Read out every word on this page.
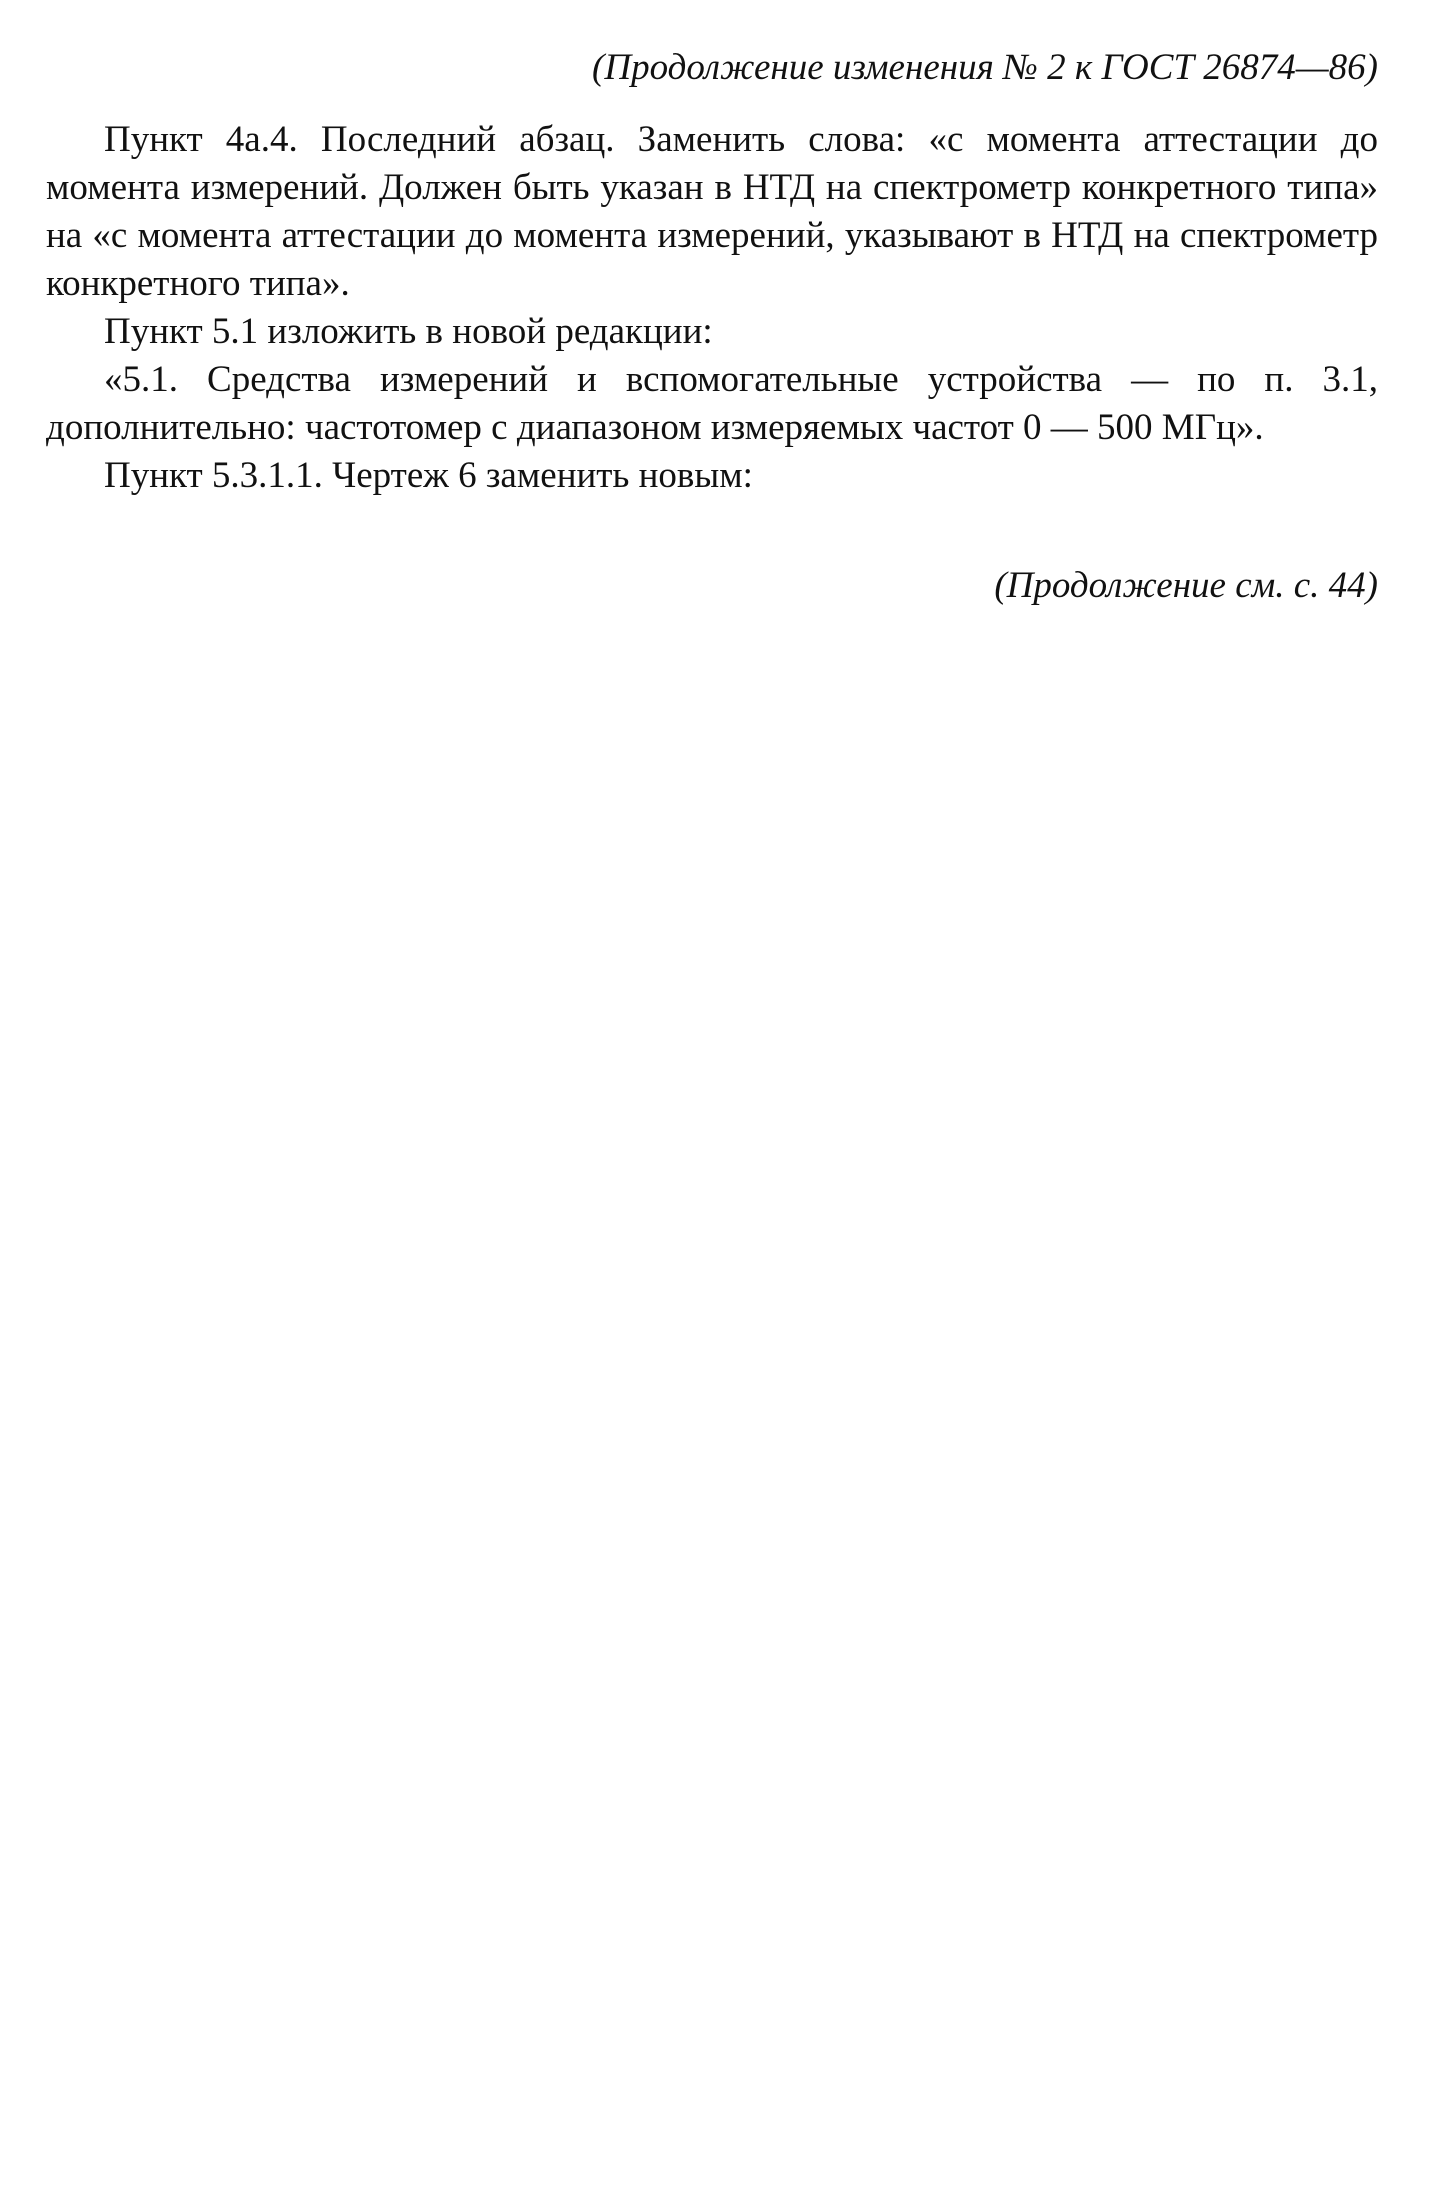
(Продолжение изменения № 2 к ГОСТ 26874—86)

Пункт 4а.4. Последний абзац. Заменить слова: «с момента аттестации до момента измерений. Должен быть указан в НТД на спектрометр конкретного типа» на «с момента аттестации до момента измерений, указывают в НТД на спектрометр конкретного типа».

Пункт 5.1 изложить в новой редакции:

«5.1. Средства измерений и вспомогательные устройства — по п. 3.1, дополнительно: частотомер с диапазоном измеряемых частот 0 — 500 МГц».

Пункт 5.3.1.1. Чертеж 6 заменить новым:

(Продолжение см. с. 44)
